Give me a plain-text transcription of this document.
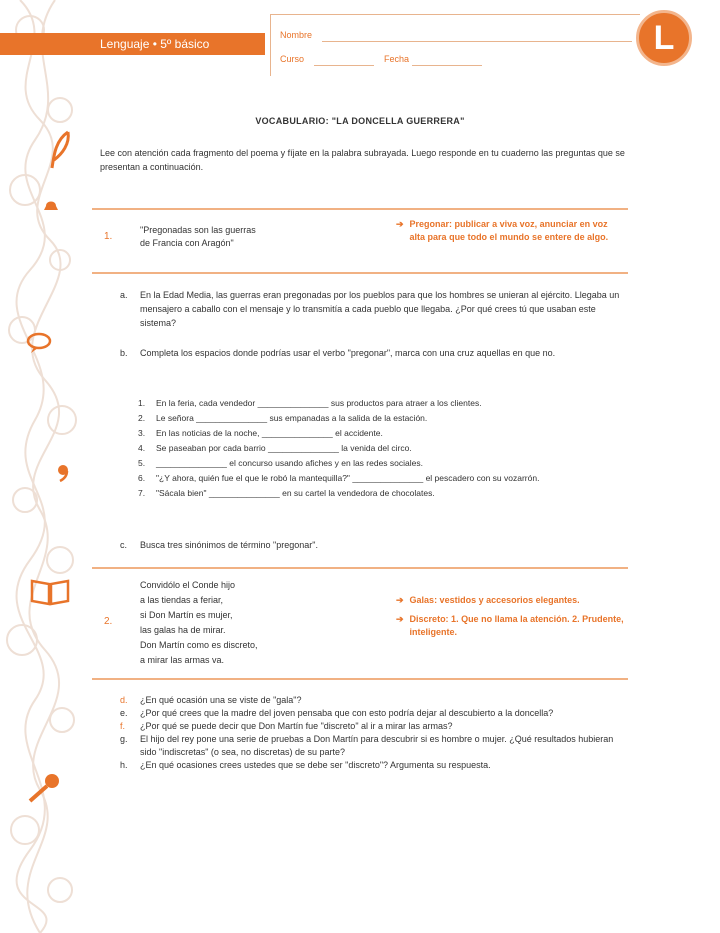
Lenguaje • 5º básico
Nombre
Curso	Fecha
L
VOCABULARIO: "LA DONCELLA GUERRERA"
Lee con atención cada fragmento del poema y fíjate en la palabra subrayada. Luego responde en tu cuaderno las preguntas que se presentan a continuación.
1.
"Pregonadas son las guerras
de Francia con Aragón"
➔ Pregonar: publicar a viva voz, anunciar en voz alta para que todo el mundo se entere de algo.
a.	En la Edad Media, las guerras eran pregonadas por los pueblos para que los hombres se unieran al ejército. Llegaba un mensajero a caballo con el mensaje y lo transmitía a cada pueblo que llegaba. ¿Por qué crees tú que usaban este sistema?
b.	Completa los espacios donde podrías usar el verbo "pregonar", marca con una cruz aquellas en que no.
1.	En la feria, cada vendedor _______________ sus productos para atraer a los clientes.
2.	Le señora _______________ sus empanadas a la salida de la estación.
3.	En las noticias de la noche, _______________ el accidente.
4.	Se paseaban por cada barrio _______________ la venida del circo.
5.	_______________ el concurso usando afiches y en las redes sociales.
6.	"¿Y ahora, quién fue el que le robó la mantequilla?" _______________ el pescadero con su vozarrón.
7.	"Sácala bien" _______________ en su cartel la vendedora de chocolates.
c.	Busca tres sinónimos de término "pregonar".
2.
Convidólo el Conde hijo
a las tiendas a feriar,
si Don Martín es mujer,
las galas ha de mirar.
Don Martín como es discreto,
a mirar las armas va.
➔ Galas: vestidos y accesorios elegantes.
➔ Discreto: 1. Que no llama la atención. 2. Prudente, inteligente.
d.	¿En qué ocasión una se viste de "gala"?
e.	¿Por qué crees que la madre del joven pensaba que con esto podría dejar al descubierto a la doncella?
f.	¿Por qué se puede decir que Don Martín fue "discreto" al ir a mirar las armas?
g.	El hijo del rey pone una serie de pruebas a Don Martín para descubrir si es hombre o mujer. ¿Qué resultados hubieran sido "indiscretas" (o sea, no discretas) de su parte?
h.	¿En qué ocasiones crees ustedes que se debe ser "discreto"? Argumenta su respuesta.
